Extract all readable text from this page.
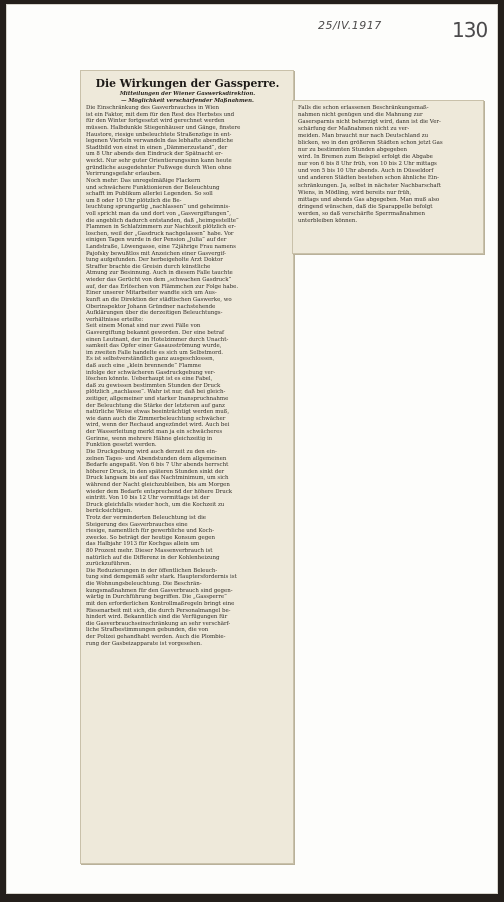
25/IV.1917	130
Die Wirkungen der Gassperre.
Mitteilungen der Wiener Gaswerksdirektion.
— Möglichkeit verschärfender Maßnahmen.
Die Einschränkung des Gasverbrauches in Wien
ist ein Faktor, mit dem für den Rest des Herbstes und
für den Winter fortgesetzt wird gerechnet werden
müssen. Halbdunkle Stiegenhäuser und Gänge, finstere
Haustore, riesige unbeleuchtete Straßenzüge in ent-
legenen Vierteln verwandeln das lebhafte abendliche
Stadtbild von einst in einen „Dämmerzustand“, der
um 8 Uhr abends den Eindruck der Spätnacht er-
weckt. Nur sehr guter Orientierungssinn kann heute
gründliche ausgedehnter Fußwege durch Wien ohne
Verirrungsgefahr erlauben.
Noch mehr: Das unregelmäßige Flackern
und schwächere Funktionieren der Beleuchtung
schafft im Publikum allerlei Legenden. So soll
um 8 oder 10 Uhr plötzlich die Be-
leuchtung sprungartig „nachlassen“ und geheimnis-
voll spricht man da und dort von „Gasvergiftungen“,
die angeblich dadurch entstanden, daß „heimgestellte“
Flammen in Schlafzimmern zur Nachtzeit plötzlich er-
loschen, weil der „Gasdruck nachgelassen“ habe. Vor
einigen Tagen wurde in der Pension „Julia“ auf der
Landstraße, Löwengasse, eine 72jährige Frau namens
Pajofsky bewußtlos mit Anzeichen einer Gasvergif-
tung aufgefunden. Der herbeigeholte Arzt Doktor
Straffer brachte die Greisin durch künstliche
Atmung zur Besinnung. Auch in diesem Falle tauchte
wieder das Gerücht von dem „schwachen Gasdruck“
auf, der das Erlöschen von Flämmchen zur Folge habe.
Einer unserer Mitarbeiter wandte sich um Aus-
kunft an die Direktion der städtischen Gaswerke, wo
Oberinspektor Johann Gründner nachstehende
Aufklärungen über die derzeitigen Beleuchtungs-
verhältnisse erteilte:
Seit einem Monat sind nur zwei Fälle von
Gasvergiftung bekannt geworden. Der eine betraf
einen Leutnant, der im Hotelzimmer durch Unacht-
samkeit das Opfer einer Gasausströmung wurde,
im zweiten Falle handelte es sich um Selbstmord.
Es ist selbstverständlich ganz ausgeschlossen,
daß auch eine „klein brennende“ Flamme
infolge der schwächeren Gasdruckgebung ver-
löschen könnte. Ueberhaupt ist es eine Fabel,
daß zu gewissen bestimmten Stunden der Druck
plötzlich „nachlasse“. Wahr ist nur, daß bei gleich-
zeitiger, allgemeiner und starker Inanspruchnahme
der Beleuchtung die Stärke der letzteren auf ganz
natürliche Weise etwas beeinträchtigt werden muß,
wie dann auch die Zimmerbeleuchtung schwächer
wird, wenn der Rechaud angezündet wird. Auch bei
der Wasserleitung merkt man ja ein schwächeres
Gerinne, wenn mehrere Hähne gleichzeitig in
Funktion gesetzt werden.
Die Druckgebung wird auch derzeit zu den ein-
zelnen Tages- und Abendstunden dem allgemeinen
Bedarfe angepaßt. Von 6 bis 7 Uhr abends herrscht
höherer Druck, in den späteren Stunden sinkt der
Druck langsam bis auf das Nachtminimum, um sich
während der Nacht gleichzubleiben, bis am Morgen
wieder dem Bedarfe entsprechend der höhere Druck
eintritt. Von 10 bis 12 Uhr vormittags ist der
Druck gleichfalls wieder hoch, um die Kochzeit zu
berücksichtigen.
Trotz der verminderten Beleuchtung ist die
Steigerung des Gasverbrauches eine
riesige, namentlich für gewerbliche und Koch-
zwecke. So beträgt der heutige Konsum gegen
das Halbjahr 1913 für Kochgas allein um
80 Prozent mehr. Dieser Massenverbrauch ist
natürlich auf die Differenz in der Kohlenheizung
zurückzuführen.
Die Reduzierungen in der öffentlichen Beleuch-
tung sind demgemäß sehr stark. Hauptersfordernis ist
die Wohnungsbeleuchtung. Die Beschrän-
kungsmaßnahmen für den Gasverbrauch sind gegen-
wärtig in Durchführung begriffen. Die „Gassperre“
mit den erforderlichen Kontrollmaßregeln bringt eine
Riesenarbeit mit sich, die durch Personalmangel be-
hindert wird. Bekanntlich sind die Verfügungen für
die Gasverbrauchseinschränkung an sehr verschärf-
liche Strafbestimmungen gebunden, die von
der Polizei gehandhabt werden. Auch die Plombie-
rung der Gasbeizapparate ist vorgesehen.
Falls die schon erlassenen Beschränkungsmaß-
nahmen nicht genügen und die Mahnung zur
Gasersparnis nicht beherzigt wird, dann ist die Ver-
schärfung der Maßnahmen nicht zu ver-
meiden. Man braucht nur nach Deutschland zu
blicken, wo in den größeren Städten schon jetzt Gas
nur zu bestimmten Stunden abgegeben
wird. In Bremen zum Beispiel erfolgt die Abgabe
nur von 6 bis 8 Uhr früh, von 10 bis 2 Uhr mittags
und von 5 bis 10 Uhr abends. Auch in Düsseldorf
und anderen Städten bestehen schon ähnliche Ein-
schränkungen. Ja, selbst in nächster Nachbarschaft
Wiens, in Mödling, wird bereits nur früh,
mittags und abends Gas abgegeben. Man muß also
dringend wünschen, daß die Sparappelle befolgt
werden, so daß verschärfte Sperrmaßnahmen
unterbleiben können.
